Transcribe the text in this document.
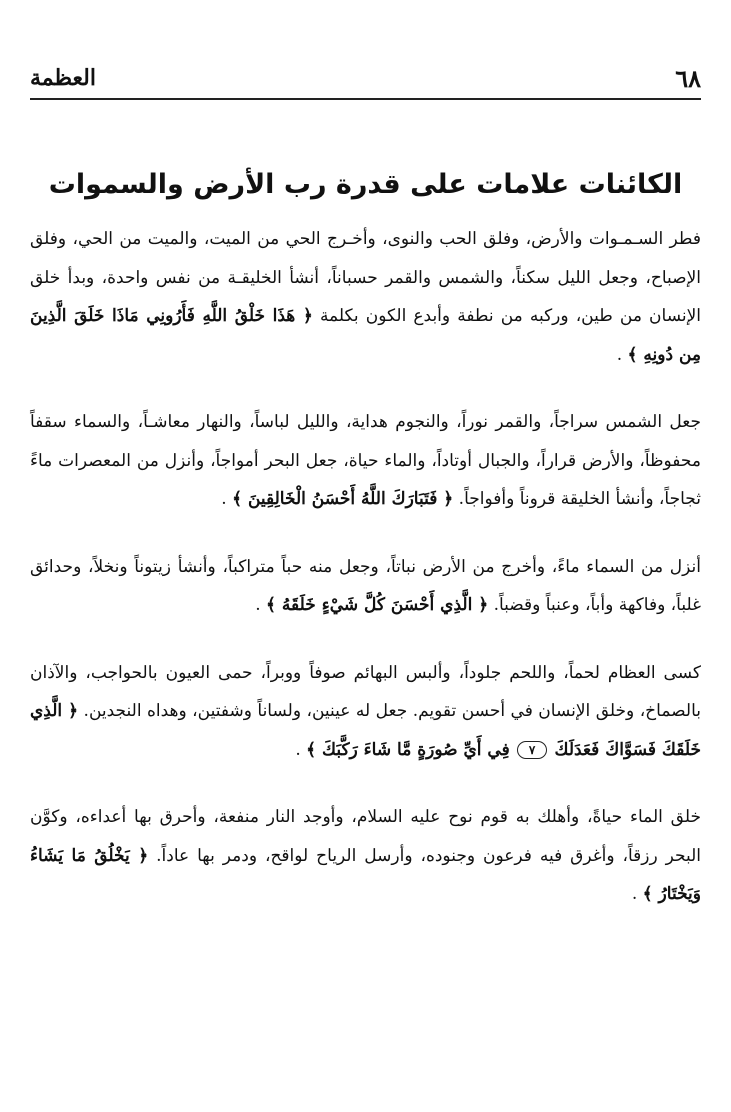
٦٨
العظمة
الكائنات علامات على قدرة رب الأرض والسموات

فطر السـمـوات والأرض، وفلق الحب والنوى، وأخـرج الحي من الميت، والميت من الحي، وفلق الإصباح، وجعل الليل سكناً، والشمس والقمر حسباناً، أنشأ الخليقـة من نفس واحدة، وبدأ خلق الإنسان من طين، وركبه من نطفة وأبدع الكون بكلمة ﴿ هَذَا خَلْقُ اللَّهِ فَأَرُونِي مَاذَا خَلَقَ الَّذِينَ مِن دُونِهِ ﴾ .

جعل الشمس سراجاً، والقمر نوراً، والنجوم هداية، والليل لباساً، والنهار معاشـاً، والسماء سقفاً محفوظاً، والأرض قراراً، والجبال أوتاداً، والماء حياة، جعل البحر أمواجاً، وأنزل من المعصرات ماءً ثجاجاً، وأنشأ الخليقة قروناً وأفواجاً. ﴿ فَتَبَارَكَ اللَّهُ أَحْسَنُ الْخَالِقِينَ ﴾ .

أنزل من السماء ماءً، وأخرج من الأرض نباتاً، وجعل منه حباً متراكباً، وأنشأ زيتوناً ونخلاً، وحدائق غلباً، وفاكهة وأباً، وعنباً وقضباً. ﴿ الَّذِي أَحْسَنَ كُلَّ شَيْءٍ خَلَقَهُ ﴾ .

كسى العظام لحماً، واللحم جلوداً، وألبس البهائم صوفاً ووبراً، حمى العيون بالحواجب، والآذان بالصماخ، وخلق الإنسان في أحسن تقويم. جعل له عينين، ولساناً وشفتين، وهداه النجدين. ﴿ الَّذِي خَلَقَكَ فَسَوَّاكَ فَعَدَلَكَ ٧ فِي أَيِّ صُورَةٍ مَّا شَاءَ رَكَّبَكَ ﴾ .

خلق الماء حياةً، وأهلك به قوم نوح عليه السلام، وأوجد النار منفعة، وأحرق بها أعداءه، وكوَّن البحر رزقاً، وأغرق فيه فرعون وجنوده، وأرسل الرياح لواقح، ودمر بها عاداً. ﴿ يَخْلُقُ مَا يَشَاءُ وَيَخْتَارُ ﴾ .
